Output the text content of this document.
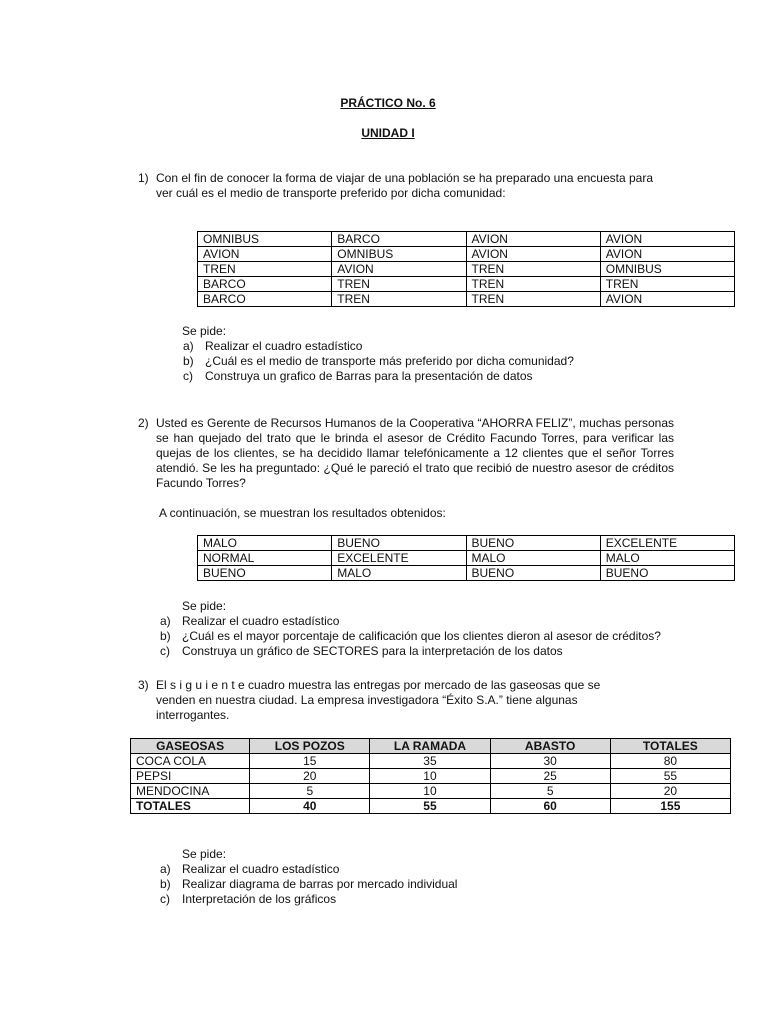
PRÁCTICO No. 6
UNIDAD I
1) Con el fin de conocer la forma de viajar de una población se ha preparado una encuesta para ver cuál es el medio de transporte preferido por dicha comunidad:
OMNIBUS	BARCO	AVION	AVION
AVION	OMNIBUS	AVION	AVION
TREN	AVION	TREN	OMNIBUS
BARCO	TREN	TREN	TREN
BARCO	TREN	TREN	AVION
Se pide:
a) Realizar el cuadro estadístico
b) ¿Cuál es el medio de transporte más preferido por dicha comunidad?
c) Construya un grafico de Barras para la presentación de datos
2) Usted es Gerente de Recursos Humanos de la Cooperativa “AHORRA FELIZ”, muchas personas se han quejado del trato que le brinda el asesor de Crédito Facundo Torres, para verificar las quejas de los clientes, se ha decidido llamar telefónicamente a 12 clientes que el señor Torres atendió. Se les ha preguntado: ¿Qué le pareció el trato que recibió de nuestro asesor de créditos Facundo Torres?
A continuación, se muestran los resultados obtenidos:
MALO	BUENO	BUENO	EXCELENTE
NORMAL	EXCELENTE	MALO	MALO
BUENO	MALO	BUENO	BUENO
Se pide:
a) Realizar el cuadro estadístico
b) ¿Cuál es el mayor porcentaje de calificación que los clientes dieron al asesor de créditos?
c) Construya un gráfico de SECTORES para la interpretación de los datos
3) El s i g u i e n t e cuadro muestra las entregas por mercado de las gaseosas que se venden en nuestra ciudad. La empresa investigadora “Éxito S.A.” tiene algunas interrogantes.
GASEOSAS	LOS POZOS	LA RAMADA	ABASTO	TOTALES
COCA COLA	15	35	30	80
PEPSI	20	10	25	55
MENDOCINA	5	10	5	20
TOTALES	40	55	60	155
Se pide:
a) Realizar el cuadro estadístico
b) Realizar diagrama de barras por mercado individual
c) Interpretación de los gráficos
